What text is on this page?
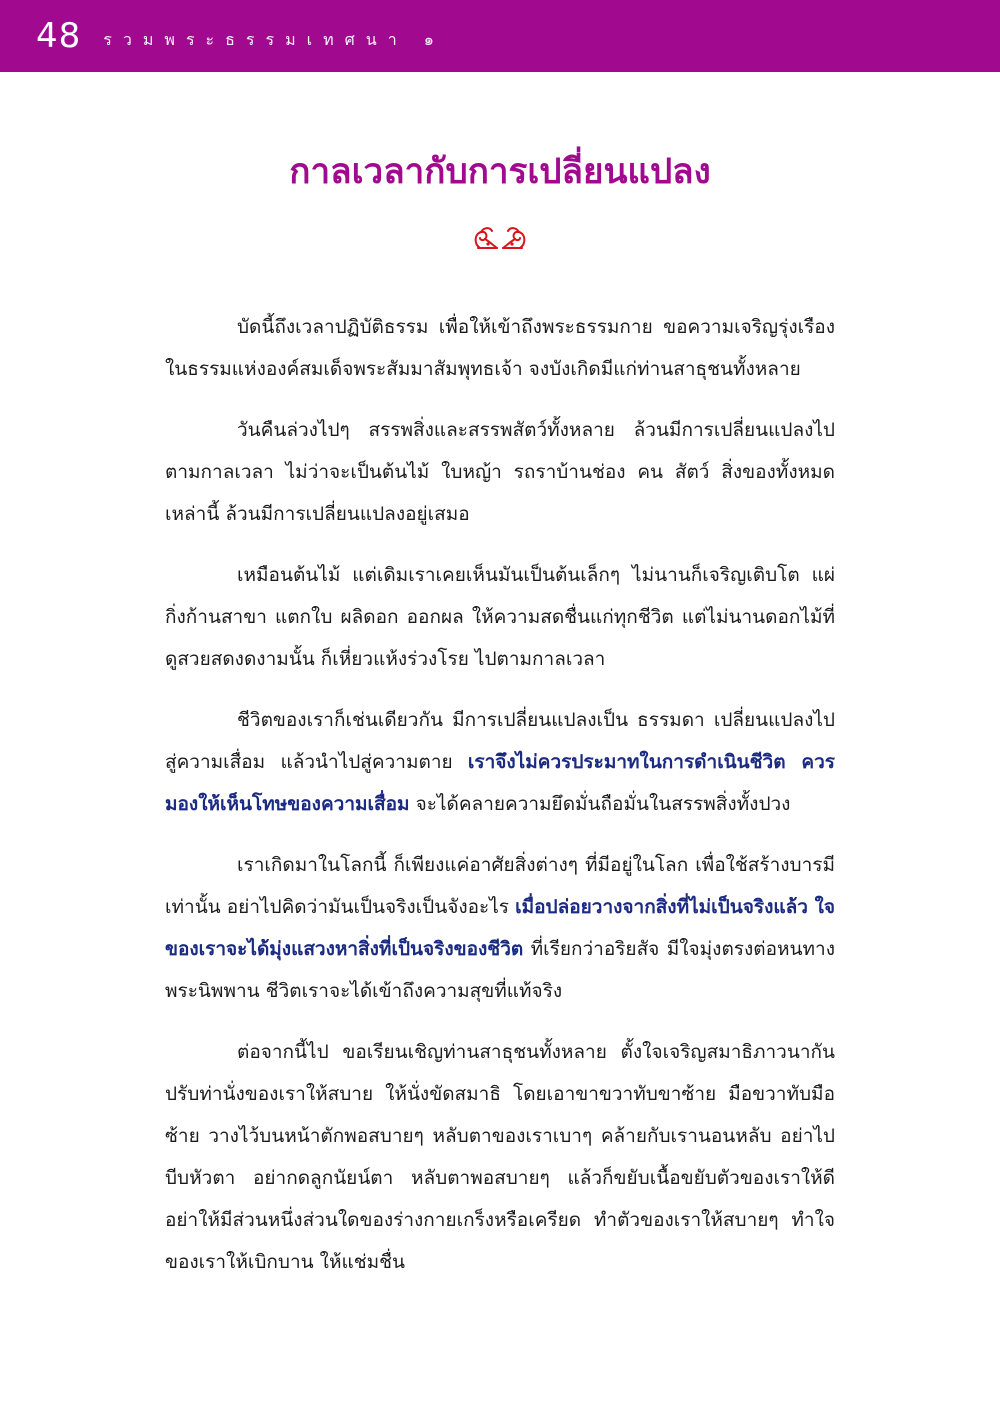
48 รวมพระธรรมเทศนา ๑
กาลเวลากับการเปลี่ยนแปลง

บัดนี้ถึงเวลาปฏิบัติธรรม เพื่อให้เข้าถึงพระธรรมกาย ขอความเจริญรุ่งเรืองในธรรมแห่งองค์สมเด็จพระสัมมาสัมพุทธเจ้า จงบังเกิดมีแก่ท่านสาธุชนทั้งหลาย

วันคืนล่วงไปๆ สรรพสิ่งและสรรพสัตว์ทั้งหลาย ล้วนมีการเปลี่ยนแปลงไปตามกาลเวลา ไม่ว่าจะเป็นต้นไม้ ใบหญ้า รถราบ้านช่อง คน สัตว์ สิ่งของทั้งหมดเหล่านี้ ล้วนมีการเปลี่ยนแปลงอยู่เสมอ

เหมือนต้นไม้ แต่เดิมเราเคยเห็นมันเป็นต้นเล็กๆ ไม่นานก็เจริญเติบโต แผ่กิ่งก้านสาขา แตกใบ ผลิดอก ออกผล ให้ความสดชื่นแก่ทุกชีวิต แต่ไม่นานดอกไม้ที่ดูสวยสดงดงามนั้น ก็เหี่ยวแห้งร่วงโรย ไปตามกาลเวลา

ชีวิตของเราก็เช่นเดียวกัน มีการเปลี่ยนแปลงเป็น ธรรมดา เปลี่ยนแปลงไปสู่ความเสื่อม แล้วนำไปสู่ความตาย เราจึงไม่ควรประมาทในการดำเนินชีวิต ควรมองให้เห็นโทษของความเสื่อม จะได้คลายความยึดมั่นถือมั่นในสรรพสิ่งทั้งปวง

เราเกิดมาในโลกนี้ ก็เพียงแค่อาศัยสิ่งต่างๆ ที่มีอยู่ในโลก เพื่อใช้สร้างบารมีเท่านั้น อย่าไปคิดว่ามันเป็นจริงเป็นจังอะไร เมื่อปล่อยวางจากสิ่งที่ไม่เป็นจริงแล้ว ใจของเราจะได้มุ่งแสวงหาสิ่งที่เป็นจริงของชีวิต ที่เรียกว่าอริยสัจ มีใจมุ่งตรงต่อหนทางพระนิพพาน ชีวิตเราจะได้เข้าถึงความสุขที่แท้จริง

ต่อจากนี้ไป ขอเรียนเชิญท่านสาธุชนทั้งหลาย ตั้งใจเจริญสมาธิภาวนากัน ปรับท่านั่งของเราให้สบาย ให้นั่งขัดสมาธิ โดยเอาขาขวาทับขาซ้าย มือขวาทับมือซ้าย วางไว้บนหน้าตักพอสบายๆ หลับตาของเราเบาๆ คล้ายกับเรานอนหลับ อย่าไปบีบหัวตา อย่ากดลูกนัยน์ตา หลับตาพอสบายๆ แล้วก็ขยับเนื้อขยับตัวของเราให้ดี อย่าให้มีส่วนหนึ่งส่วนใดของร่างกายเกร็งหรือเครียด ทำตัวของเราให้สบายๆ ทำใจของเราให้เบิกบาน ให้แช่มชื่น
